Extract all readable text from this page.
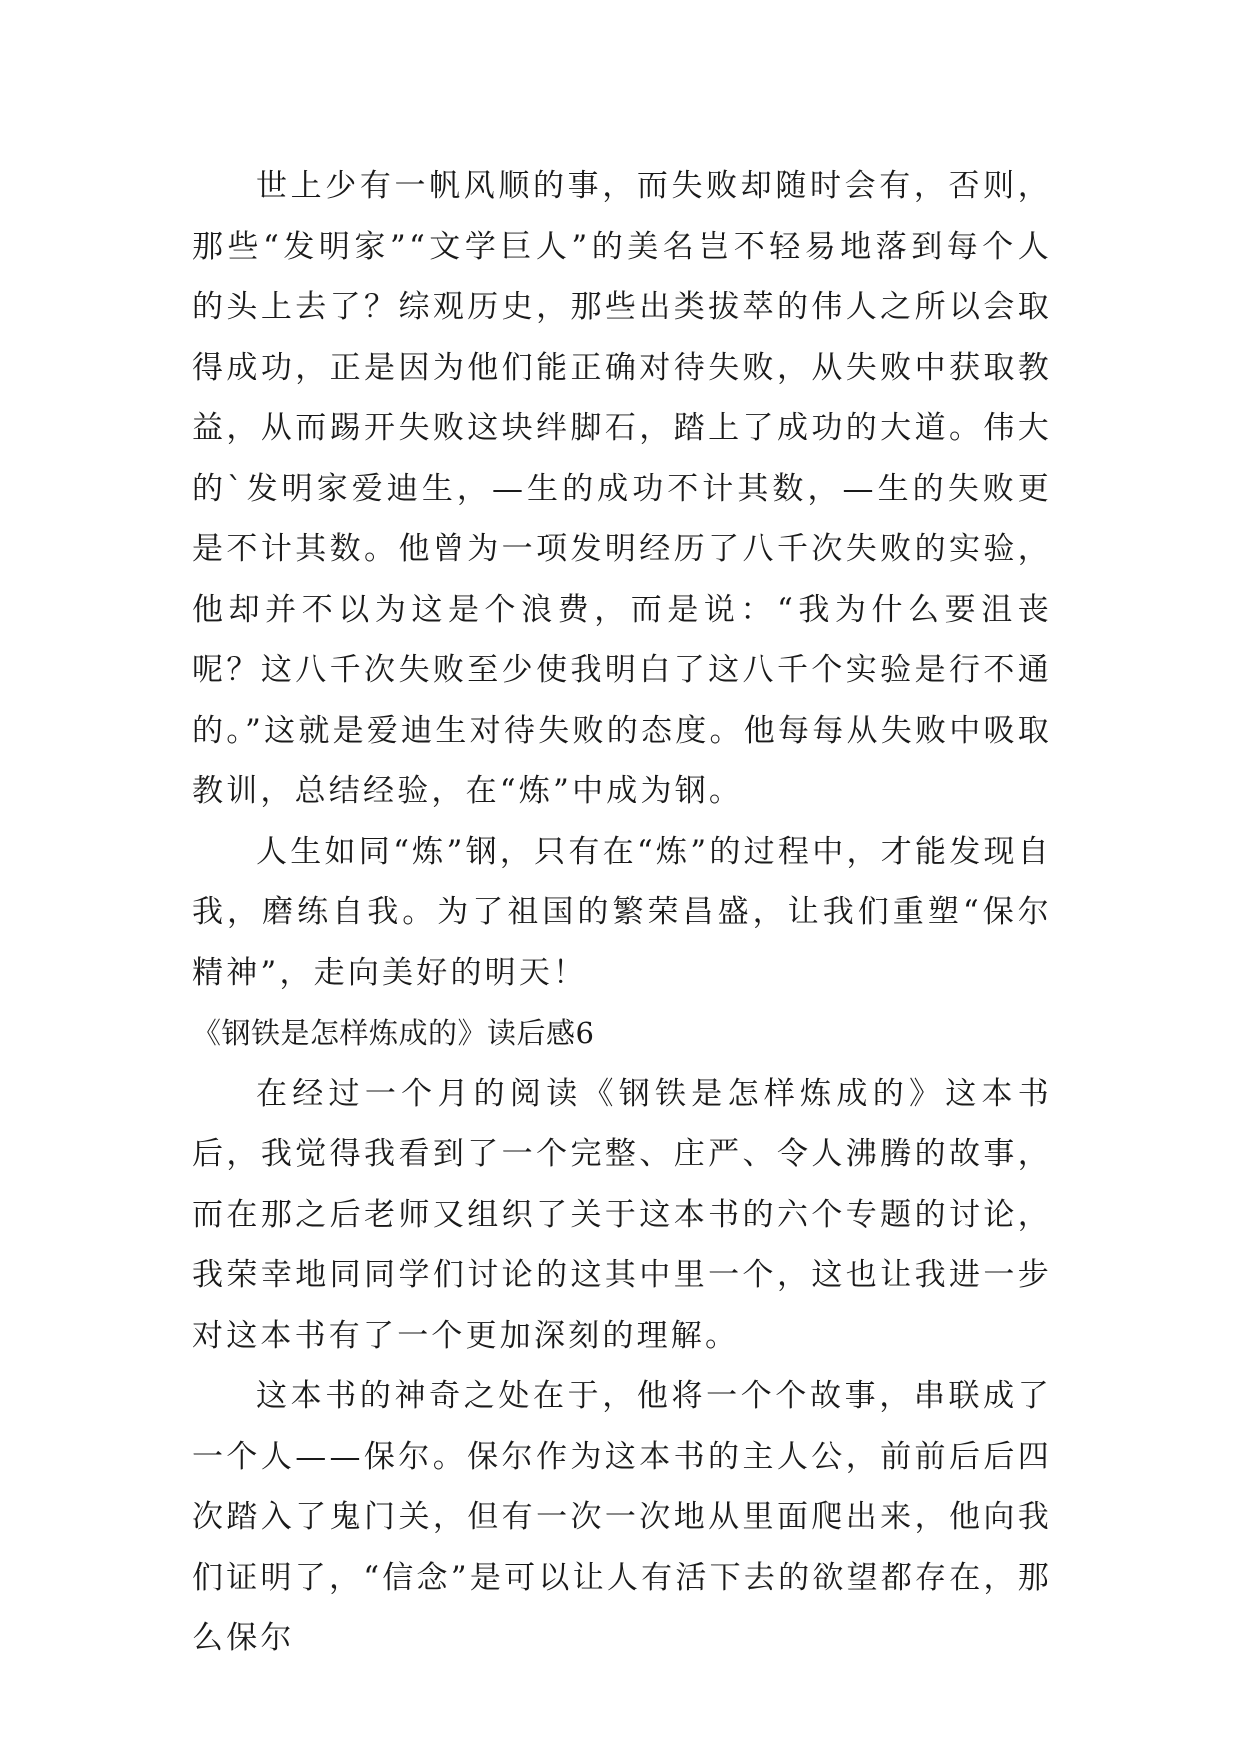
世上少有一帆风顺的事，而失败却随时会有，否则，那些“发明家”“文学巨人”的美名岂不轻易地落到每个人的头上去了？综观历史，那些出类拔萃的伟人之所以会取得成功，正是因为他们能正确对待失败，从失败中获取教益，从而踢开失败这块绊脚石，踏上了成功的大道。伟大的`发明家爱迪生，—生的成功不计其数，—生的失败更是不计其数。他曾为一项发明经历了八千次失败的实验，他却并不以为这是个浪费，而是说：“我为什么要沮丧呢？这八千次失败至少使我明白了这八千个实验是行不通的。”这就是爱迪生对待失败的态度。他每每从失败中吸取教训，总结经验，在“炼”中成为钢。

人生如同“炼”钢，只有在“炼”的过程中，才能发现自我，磨练自我。为了祖国的繁荣昌盛，让我们重塑“保尔精神”，走向美好的明天！

《钢铁是怎样炼成的》读后感6

在经过一个月的阅读《钢铁是怎样炼成的》这本书后，我觉得我看到了一个完整、庄严、令人沸腾的故事，而在那之后老师又组织了关于这本书的六个专题的讨论，我荣幸地同同学们讨论的这其中里一个，这也让我进一步对这本书有了一个更加深刻的理解。

这本书的神奇之处在于，他将一个个故事，串联成了一个人——保尔。保尔作为这本书的主人公，前前后后四次踏入了鬼门关，但有一次一次地从里面爬出来，他向我们证明了，“信念”是可以让人有活下去的欲望都存在，那么保尔
